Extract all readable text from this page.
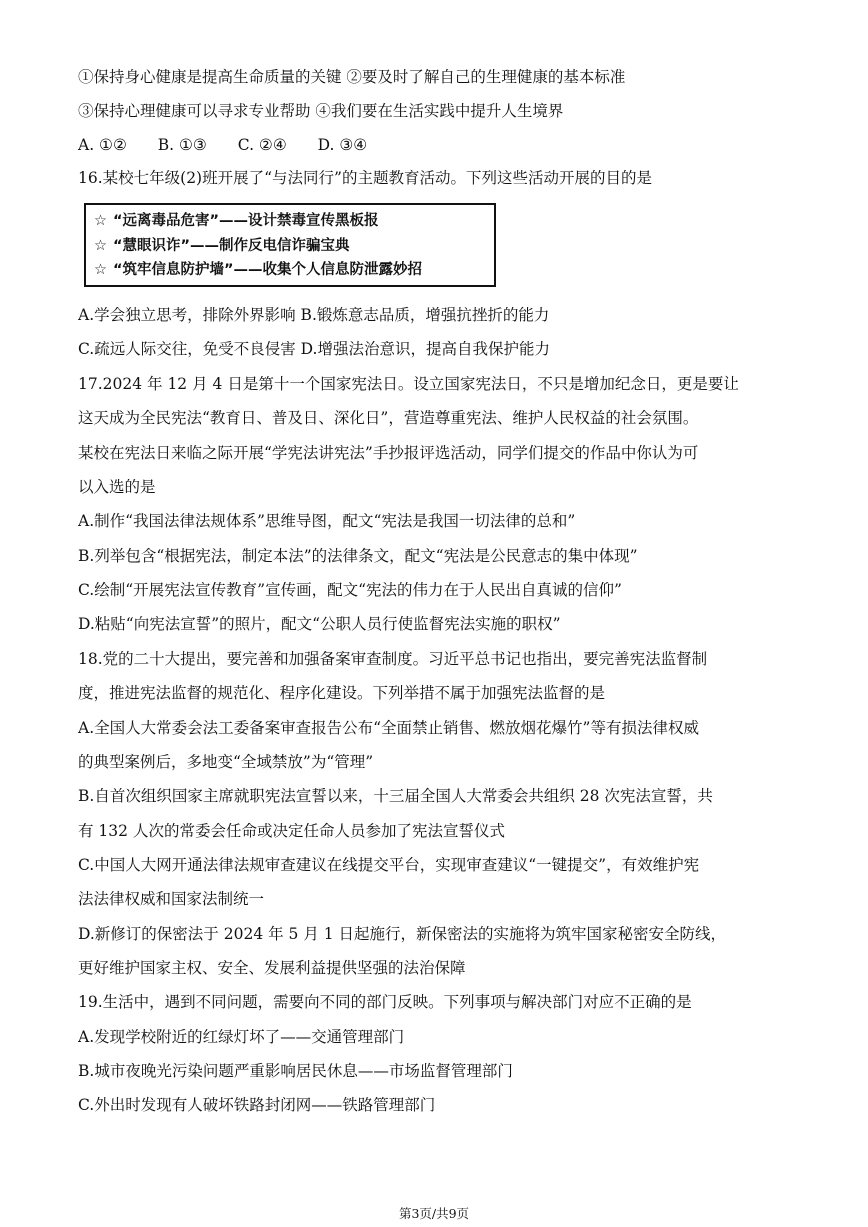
①保持身心健康是提高生命质量的关键 ②要及时了解自己的生理健康的基本标准
③保持心理健康可以寻求专业帮助 ④我们要在生活实践中提升人生境界
A. ①② B. ①③ C. ②④ D. ③④
16.某校七年级(2)班开展了“与法同行”的主题教育活动。下列这些活动开展的目的是
☆ “远离毒品危害”——设计禁毒宣传黑板报
☆ “慧眼识诈”——制作反电信诈骗宝典
☆ “筑牢信息防护墙”——收集个人信息防泄露妙招
A.学会独立思考，排除外界影响 B.锻炼意志品质，增强抗挫折的能力
C.疏远人际交往，免受不良侵害 D.增强法治意识，提高自我保护能力
17.2024 年 12 月 4 日是第十一个国家宪法日。设立国家宪法日，不只是增加纪念日，更是要让
这天成为全民宪法“教育日、普及日、深化日”，营造尊重宪法、维护人民权益的社会氛围。
某校在宪法日来临之际开展“学宪法讲宪法”手抄报评选活动，同学们提交的作品中你认为可
以入选的是
A.制作“我国法律法规体系”思维导图，配文“宪法是我国一切法律的总和”
B.列举包含“根据宪法，制定本法”的法律条文，配文“宪法是公民意志的集中体现”
C.绘制“开展宪法宣传教育”宣传画，配文“宪法的伟力在于人民出自真诚的信仰”
D.粘贴“向宪法宣誓”的照片，配文“公职人员行使监督宪法实施的职权”
18.党的二十大提出，要完善和加强备案审查制度。习近平总书记也指出，要完善宪法监督制
度，推进宪法监督的规范化、程序化建设。下列举措不属于加强宪法监督的是
A.全国人大常委会法工委备案审查报告公布“全面禁止销售、燃放烟花爆竹”等有损法律权威
的典型案例后，多地变“全域禁放”为“管理”
B.自首次组织国家主席就职宪法宣誓以来，十三届全国人大常委会共组织 28 次宪法宣誓，共
有 132 人次的常委会任命或决定任命人员参加了宪法宣誓仪式
C.中国人大网开通法律法规审查建议在线提交平台，实现审查建议“一键提交”，有效维护宪
法法律权威和国家法制统一
D.新修订的保密法于 2024 年 5 月 1 日起施行，新保密法的实施将为筑牢国家秘密安全防线，
更好维护国家主权、安全、发展利益提供坚强的法治保障
19.生活中，遇到不同问题，需要向不同的部门反映。下列事项与解决部门对应不正确的是
A.发现学校附近的红绿灯坏了——交通管理部门
B.城市夜晚光污染问题严重影响居民休息——市场监督管理部门
C.外出时发现有人破坏铁路封闭网——铁路管理部门
第3页/共9页
